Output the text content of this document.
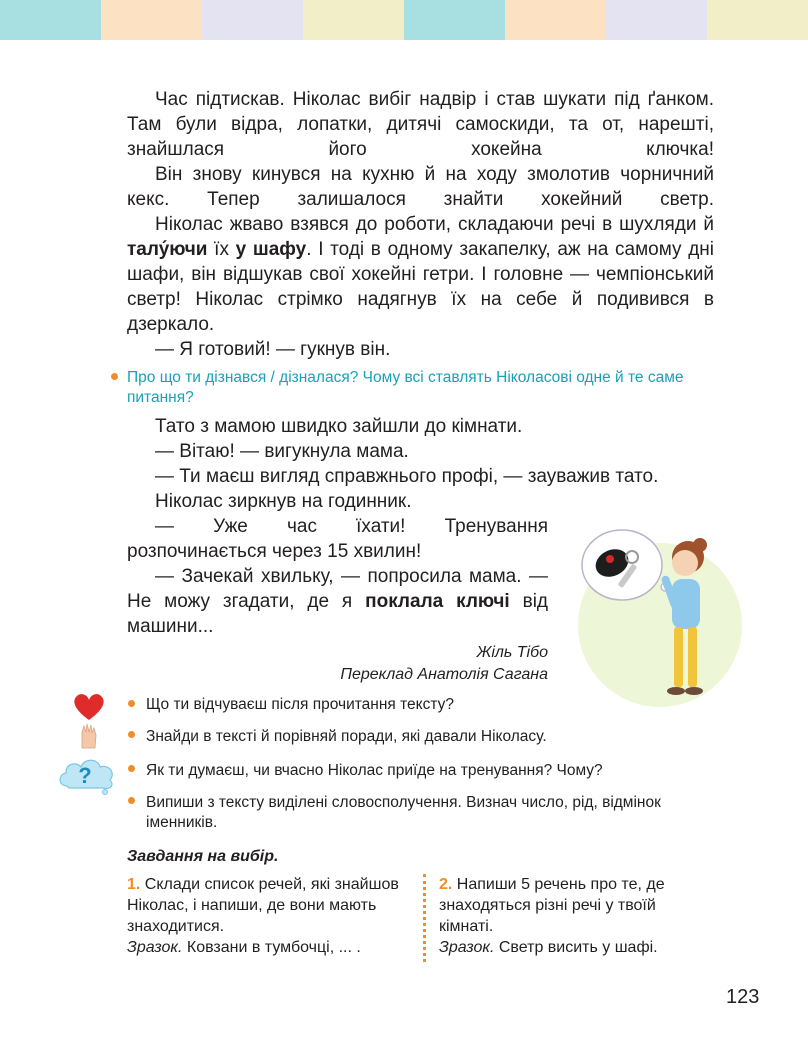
Час підтискав. Ніколас вибіг надвір і став шукати під ґанком. Там були відра, лопатки, дитячі самоскиди, та от, нарешті, знайшлася його хокейна ключка!

Він знову кинувся на кухню й на ходу змолотив чорничний кекс. Тепер залишалося знайти хокейний светр.

Ніколас жваво взявся до роботи, складаючи речі в шухляди й талу́ючи їх у шафу. І тоді в одному закапелку, аж на самому дні шафи, він відшукав свої хокейні гетри. І головне — чемпіонський светр! Ніколас стрімко надягнув їх на себе й подивився в дзеркало.

— Я готовий! — гукнув він.

Про що ти дізнався / дізналася? Чому всі ставлять Ніколасові одне й те саме питання?

Тато з мамою швидко зайшли до кімнати.

— Вітаю! — вигукнула мама.

— Ти маєш вигляд справжнього профі, — зауважив тато.

Ніколас зиркнув на годинник.

— Уже час їхати! Тренування розпочинається через 15 хвилин!

— Зачекай хвильку, — попросила мама. — Не можу згадати, де я поклала ключі від машини...

Жіль Тібо

Переклад Анатолія Сагана

?
Що ти відчуваєш після прочитання тексту?
Знайди в тексті й порівняй поради, які давали Ніколасу.
Як ти думаєш, чи вчасно Ніколас приїде на тренування? Чому?
Випиши з тексту виділені словосполучення. Визнач число, рід, відмінок іменників.
Завдання на вибір.
1. Склади список речей, які знайшов Ніколас, і напиши, де вони мають знаходитися.
Зразок. Ковзани в тумбочці, ... .
2. Напиши 5 речень про те, де знаходяться різні речі у твоїй кімнаті.
Зразок. Светр висить у шафі.
123
